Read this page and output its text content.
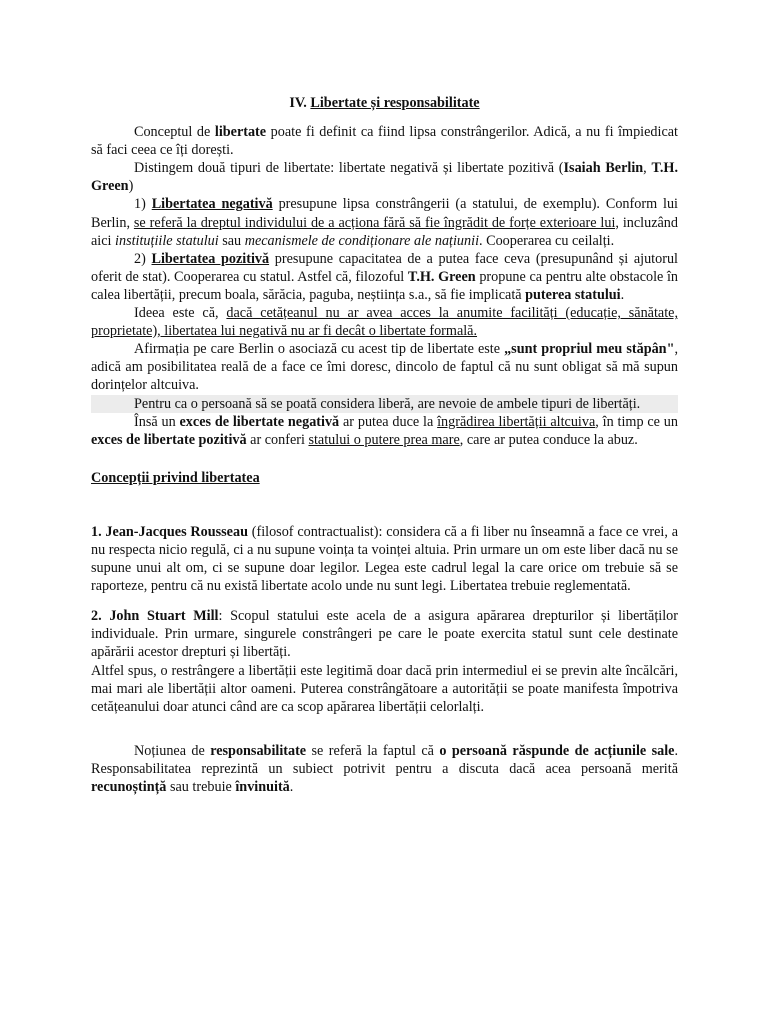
IV. Libertate și responsabilitate

Conceptul de libertate poate fi definit ca fiind lipsa constrângerilor. Adică, a nu fi împiedicat să faci ceea ce îți dorești.

Distingem două tipuri de libertate: libertate negativă și libertate pozitivă (Isaiah Berlin, T.H. Green)

1) Libertatea negativă presupune lipsa constrângerii (a statului, de exemplu). Conform lui Berlin, se referă la dreptul individului de a acționa fără să fie îngrădit de forțe exterioare lui, incluzând aici instituțiile statului sau mecanismele de condiționare ale națiunii. Cooperarea cu ceilalți.

2) Libertatea pozitivă presupune capacitatea de a putea face ceva (presupunând și ajutorul oferit de stat). Cooperarea cu statul. Astfel că, filozoful T.H. Green propune ca pentru alte obstacole în calea libertății, precum boala, sărăcia, paguba, neștiința s.a., să fie implicată puterea statului.

Ideea este că, dacă cetățeanul nu ar avea acces la anumite facilități (educație, sănătate, proprietate), libertatea lui negativă nu ar fi decât o libertate formală.

Afirmația pe care Berlin o asociază cu acest tip de libertate este „sunt propriul meu stăpân", adică am posibilitatea reală de a face ce îmi doresc, dincolo de faptul că nu sunt obligat să mă supun dorințelor altcuiva.

Pentru ca o persoană să se poată considera liberă, are nevoie de ambele tipuri de libertăți.

Însă un exces de libertate negativă ar putea duce la îngrădirea libertății altcuiva, în timp ce un exces de libertate pozitivă ar conferi statului o putere prea mare, care ar putea conduce la abuz.

Concepții privind libertatea

1. Jean-Jacques Rousseau (filosof contractualist): considera că a fi liber nu înseamnă a face ce vrei, a nu respecta nicio regulă, ci a nu supune voința ta voinței altuia. Prin urmare un om este liber dacă nu se supune unui alt om, ci se supune doar legilor. Legea este cadrul legal la care orice om trebuie să se raporteze, pentru că nu există libertate acolo unde nu sunt legi. Libertatea trebuie reglementată.

2. John Stuart Mill: Scopul statului este acela de a asigura apărarea drepturilor și libertăților individuale. Prin urmare, singurele constrângeri pe care le poate exercita statul sunt cele destinate apărării acestor drepturi și libertăți.

Altfel spus, o restrângere a libertății este legitimă doar dacă prin intermediul ei se previn alte încălcări, mai mari ale libertății altor oameni. Puterea constrângătoare a autorității se poate manifesta împotriva cetățeanului doar atunci când are ca scop apărarea libertății celorlalți.

Noțiunea de responsabilitate se referă la faptul că o persoană răspunde de acțiunile sale. Responsabilitatea reprezintă un subiect potrivit pentru a discuta dacă acea persoană merită recunoștință sau trebuie învinuită.
